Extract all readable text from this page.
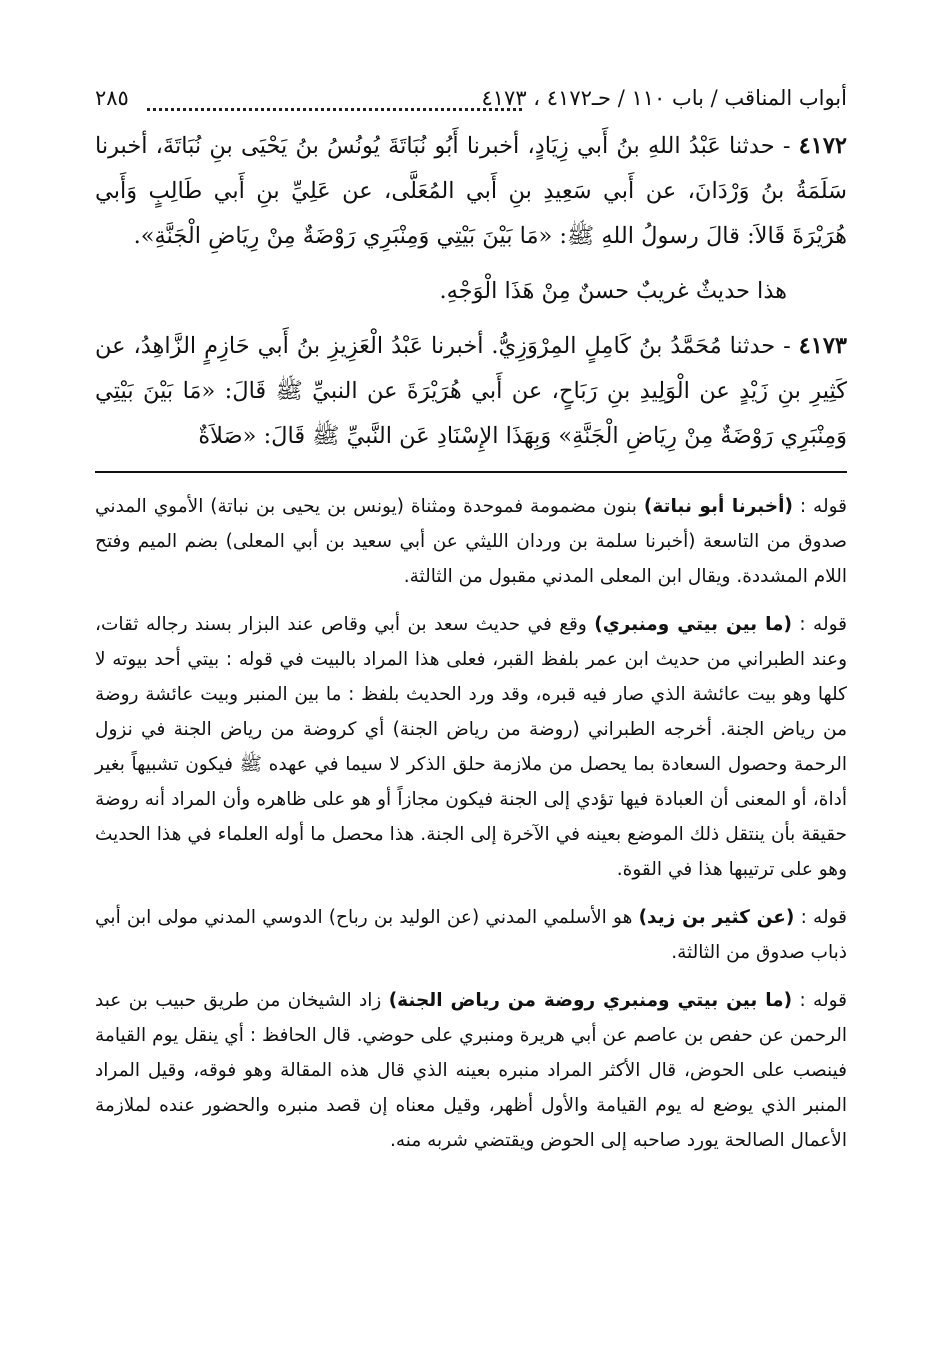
أبواب المناقب / باب ١١٠ / حـ٤١٧٢ ، ٤١٧٣
٢٨٥

٤١٧٢ - حدثنا عَبْدُ اللهِ بنُ أَبي زِيَادٍ، أخبرنا أَبُو نُبَاتَةَ يُونُسُ بنُ يَحْيَى بنِ نُبَاتَةَ، أخبرنا سَلَمَةُ بنُ وَرْدَانَ، عن أَبي سَعِيدِ بنِ أَبي المُعَلَّى، عن عَلِيِّ بنِ أَبي طَالِبٍ وَأَبي هُرَيْرَةَ قَالاَ: قالَ رسولُ اللهِ ﷺ: «مَا بَيْنَ بَيْتِي وَمِنْبَرِي رَوْضَةٌ مِنْ رِيَاضِ الْجَنَّةِ».

هذا حديثٌ غريبٌ حسنٌ مِنْ هَذَا الْوَجْهِ.

٤١٧٣ - حدثنا مُحَمَّدُ بنُ كَامِلٍ المِرْوَزِيُّ. أخبرنا عَبْدُ الْعَزِيزِ بنُ أَبي حَازِمٍ الزَّاهِدُ، عن كَثِيرِ بنِ زَيْدٍ عن الْوَلِيدِ بنِ رَبَاحٍ، عن أَبي هُرَيْرَةَ عن النبيِّ ﷺ قَالَ: «مَا بَيْنَ بَيْتِي وَمِنْبَرِي رَوْضَةٌ مِنْ رِيَاضِ الْجَنَّةِ» وَبِهَذَا الإِسْنَادِ عَن النَّبيِّ ﷺ قَالَ: «صَلاَةٌ

قوله : (أخبرنا أبو نباتة) بنون مضمومة فموحدة ومثناة (يونس بن يحيى بن نباتة) الأموي المدني صدوق من التاسعة (أخبرنا سلمة بن وردان الليثي عن أبي سعيد بن أبي المعلى) بضم الميم وفتح اللام المشددة. ويقال ابن المعلى المدني مقبول من الثالثة.

قوله : (ما بين بيتي ومنبري) وقع في حديث سعد بن أبي وقاص عند البزار بسند رجاله ثقات، وعند الطبراني من حديث ابن عمر بلفظ القبر، فعلى هذا المراد بالبيت في قوله : بيتي أحد بيوته لا كلها وهو بيت عائشة الذي صار فيه قبره، وقد ورد الحديث بلفظ : ما بين المنبر وبيت عائشة روضة من رياض الجنة. أخرجه الطبراني (روضة من رياض الجنة) أي كروضة من رياض الجنة في نزول الرحمة وحصول السعادة بما يحصل من ملازمة حلق الذكر لا سيما في عهده ﷺ فيكون تشبيهاً بغير أداة، أو المعنى أن العبادة فيها تؤدي إلى الجنة فيكون مجازاً أو هو على ظاهره وأن المراد أنه روضة حقيقة بأن ينتقل ذلك الموضع بعينه في الآخرة إلى الجنة. هذا محصل ما أوله العلماء في هذا الحديث وهو على ترتيبها هذا في القوة.

قوله : (عن كثير بن زيد) هو الأسلمي المدني (عن الوليد بن رباح) الدوسي المدني مولى ابن أبي ذباب صدوق من الثالثة.

قوله : (ما بين بيتي ومنبري روضة من رياض الجنة) زاد الشيخان من طريق حبيب بن عبد الرحمن عن حفص بن عاصم عن أبي هريرة ومنبري على حوضي. قال الحافظ : أي ينقل يوم القيامة فينصب على الحوض، قال الأكثر المراد منبره بعينه الذي قال هذه المقالة وهو فوقه، وقيل المراد المنبر الذي يوضع له يوم القيامة والأول أظهر، وقيل معناه إن قصد منبره والحضور عنده لملازمة الأعمال الصالحة يورد صاحبه إلى الحوض ويقتضي شربه منه.
